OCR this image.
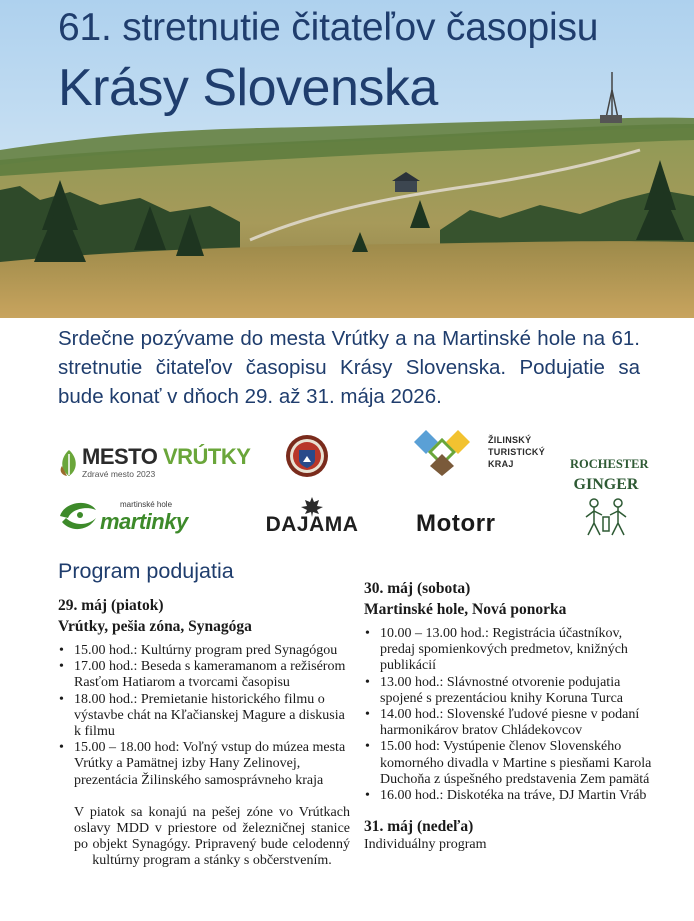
61. stretnutie čitateľov časopisu
Krásy Slovenska

Srdečne pozývame do mesta Vrútky a na Martinské hole na 61. stretnutie čitateľov časopisu Krásy Slovenska. Podujatie sa bude konať v dňoch 29. až 31. mája 2026.

MESTO VRÚTKY
Zdravé mesto 2023
ŽILINSKÝ
TURISTICKÝ
KRAJ	ROCHESTER
GINGER
martinské hole
martinky	DAJAMA	Motorr
Program podujatia
29. máj (piatok)
Vrútky, pešia zóna, Synagóga
• 15.00 hod.: Kultúrny program pred Synagógou
• 17.00 hod.: Beseda s kameramanom a režisérom Rasťom Hatiarom a tvorcami časopisu
• 18.00 hod.: Premietanie historického filmu o výstavbe chát na Kľačianskej Magure a diskusia k filmu
• 15.00 – 18.00 hod: Voľný vstup do múzea mesta Vrútky a Pamätnej izby Hany Zelinovej, prezentácia Žilinského samosprávneho kraja

V piatok sa konajú na pešej zóne vo Vrútkach oslavy MDD v priestore od železničnej stanice po objekt Synagógy. Pripravený bude celodenný kultúrny program a stánky s občerstvením.

30. máj (sobota)
Martinské hole, Nová ponorka
• 10.00 – 13.00 hod.: Registrácia účastníkov, predaj spomienkových predmetov, knižných publikácií
• 13.00 hod.: Slávnostné otvorenie podujatia spojené s prezentáciou knihy Koruna Turca
• 14.00 hod.: Slovenské ľudové piesne v podaní harmonikárov bratov Chládekovcov
• 15.00 hod: Vystúpenie členov Slovenského komorného divadla v Martine s piesňami Karola Duchoňa z úspešného predstavenia Zem pamätá
• 16.00 hod.: Diskotéka na tráve, DJ Martin Vráb
31. máj (nedeľa)
Individuálny program
